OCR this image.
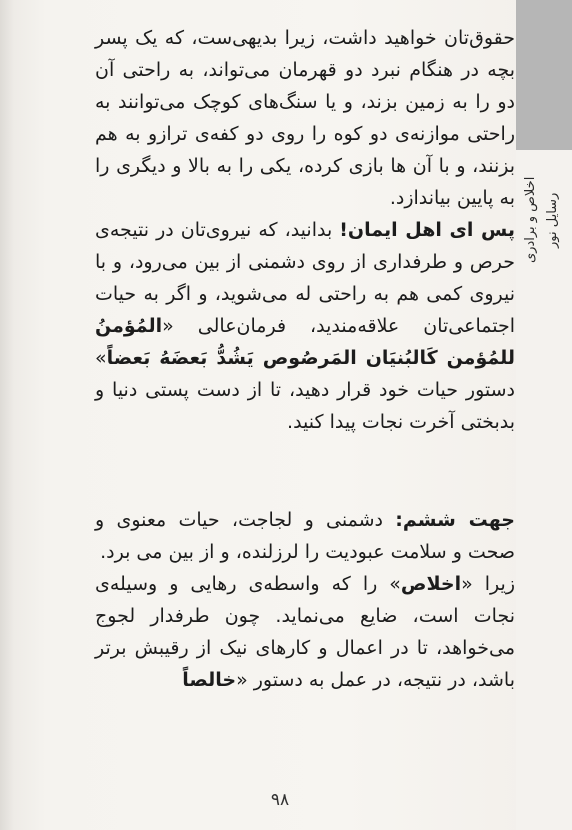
اخلاص و برادری رسایل نور

حقوق‌تان خواهید داشت، زیرا بدیهی‌ست، که یک پسر بچه در هنگام نبرد دو قهرمان می‌تواند، به راحتی آن دو را به زمین بزند، و یا سنگ‌های کوچک می‌توانند به راحتی موازنه‌ی دو کوه را روی دو کفه‌ی ترازو به هم بزنند، و با آن ها بازی کرده، یکی را به بالا و دیگری را به پایین بیاندازد.

پس ای اهل ایمان! بدانید، که نیروی‌تان در نتیجه‌ی حرص و طرفداری از روی دشمنی از بین می‌رود، و با نیروی کمی هم به راحتی له می‌شوید، و اگر به حیات اجتماعی‌تان علاقه‌مندید، فرمان‌عالی «المُؤمنُ للمُؤمن كَالبُنيَان المَرصُوص يَشُدُّ بَعضَهُ بَعضاً» دستور حیات خود قرار دهید، تا از دست پستی دنیا و بدبختی آخرت نجات پیدا کنید.

جهت ششم: دشمنی و لجاجت، حیات معنوی و صحت و سلامت عبودیت را لرزلنده، و از بین می برد.

زیرا «اخلاص» را که واسطه‌ی رهایی و وسیله‌ی نجات است، ضایع می‌نماید. چون طرفدار لجوج می‌خواهد، تا در اعمال و کارهای نیک از رقیبش برتر باشد، در نتیجه، در عمل به دستور «خالصاً

۹۸
